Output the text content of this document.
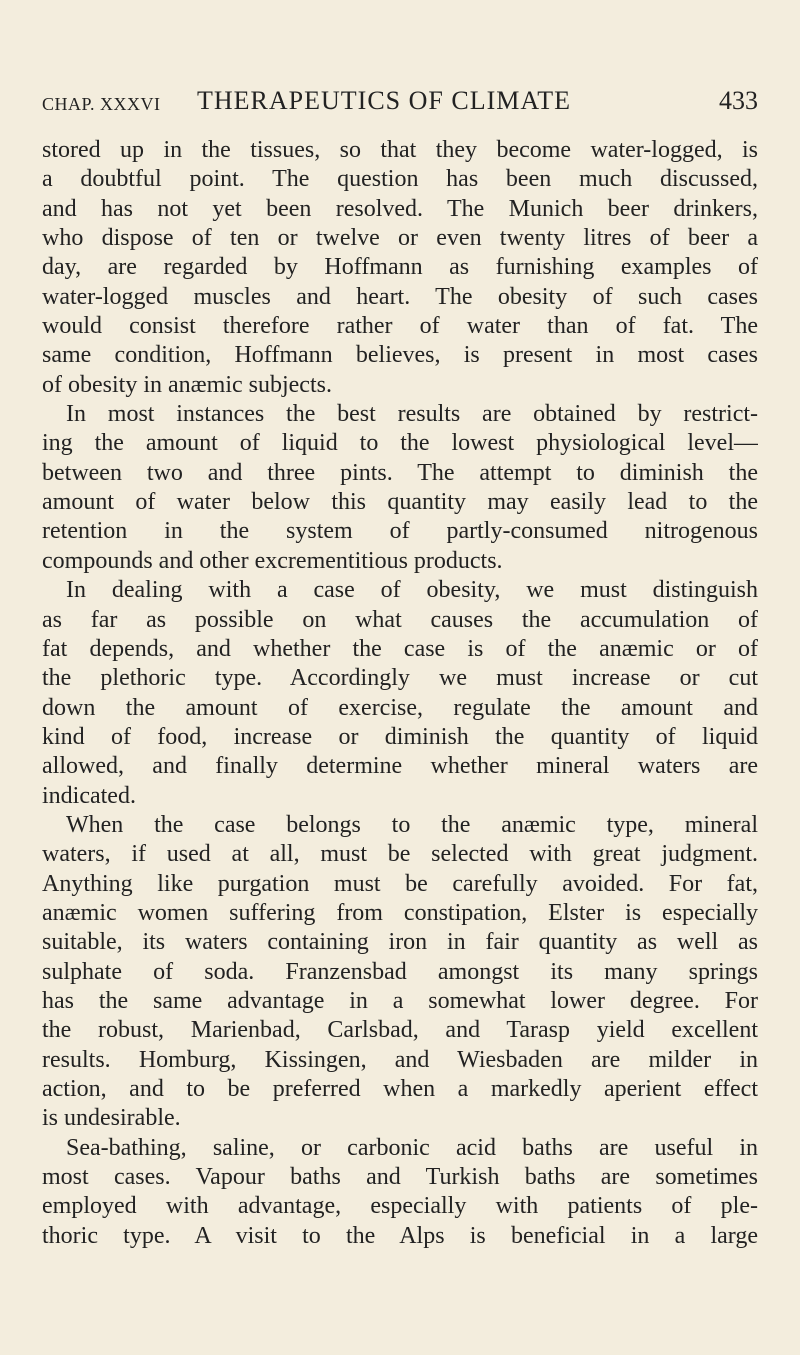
CHAP. XXXVI THERAPEUTICS OF CLIMATE	433
stored up in the tissues, so that they become water-logged, is
a doubtful point. The question has been much discussed,
and has not yet been resolved. The Munich beer drinkers,
who dispose of ten or twelve or even twenty litres of beer a
day, are regarded by Hoffmann as furnishing examples of
water-logged muscles and heart. The obesity of such cases
would consist therefore rather of water than of fat. The
same condition, Hoffmann believes, is present in most cases
of obesity in anæmic subjects.
In most instances the best results are obtained by restrict-
ing the amount of liquid to the lowest physiological level—
between two and three pints. The attempt to diminish the
amount of water below this quantity may easily lead to the
retention in the system of partly-consumed nitrogenous
compounds and other excrementitious products.
In dealing with a case of obesity, we must distinguish
as far as possible on what causes the accumulation of
fat depends, and whether the case is of the anæmic or of
the plethoric type. Accordingly we must increase or cut
down the amount of exercise, regulate the amount and
kind of food, increase or diminish the quantity of liquid
allowed, and finally determine whether mineral waters are
indicated.
When the case belongs to the anæmic type, mineral
waters, if used at all, must be selected with great judgment.
Anything like purgation must be carefully avoided. For fat,
anæmic women suffering from constipation, Elster is especially
suitable, its waters containing iron in fair quantity as well as
sulphate of soda. Franzensbad amongst its many springs
has the same advantage in a somewhat lower degree. For
the robust, Marienbad, Carlsbad, and Tarasp yield excellent
results. Homburg, Kissingen, and Wiesbaden are milder in
action, and to be preferred when a markedly aperient effect
is undesirable.
Sea-bathing, saline, or carbonic acid baths are useful in
most cases. Vapour baths and Turkish baths are sometimes
employed with advantage, especially with patients of ple-
thoric type. A visit to the Alps is beneficial in a large
